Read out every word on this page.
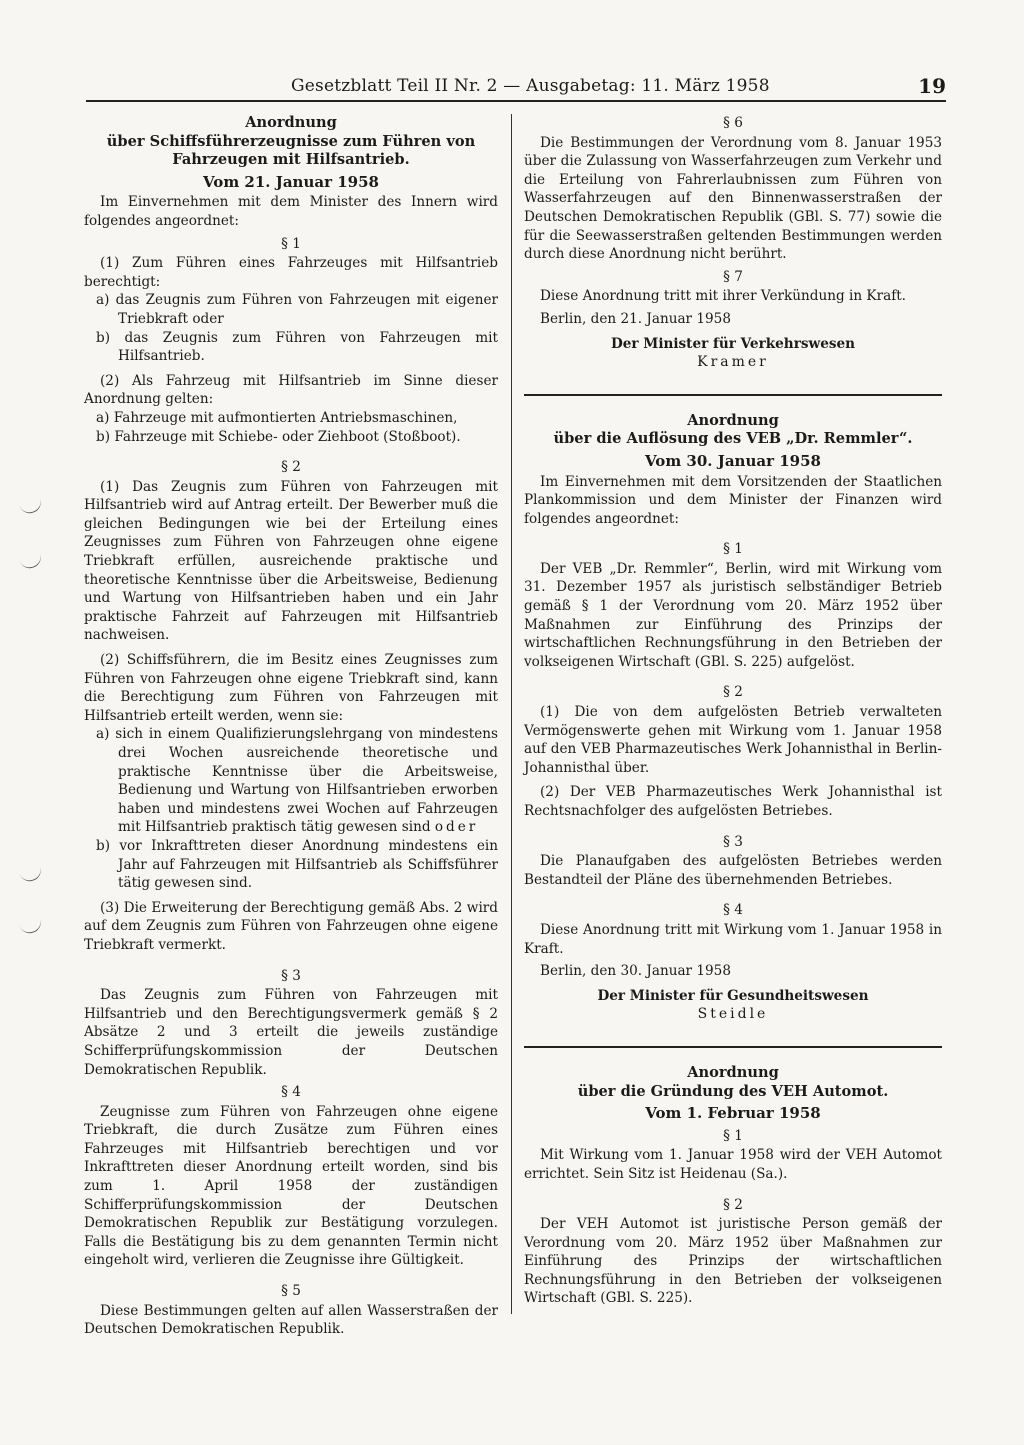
Gesetzblatt Teil II Nr. 2 — Ausgabetag: 11. März 1958	19
Anordnung
über Schiffsführerzeugnisse zum Führen von
Fahrzeugen mit Hilfsantrieb.
Vom 21. Januar 1958

Im Einvernehmen mit dem Minister des Innern wird folgendes angeordnet:

§ 1

(1) Zum Führen eines Fahrzeuges mit Hilfsantrieb berechtigt:

a) das Zeugnis zum Führen von Fahrzeugen mit eigener Triebkraft oder

b) das Zeugnis zum Führen von Fahrzeugen mit Hilfsantrieb.

(2) Als Fahrzeug mit Hilfsantrieb im Sinne dieser Anordnung gelten:

a) Fahrzeuge mit aufmontierten Antriebsmaschinen,

b) Fahrzeuge mit Schiebe- oder Ziehboot (Stoßboot).

§ 2

(1) Das Zeugnis zum Führen von Fahrzeugen mit Hilfsantrieb wird auf Antrag erteilt. Der Bewerber muß die gleichen Bedingungen wie bei der Erteilung eines Zeugnisses zum Führen von Fahrzeugen ohne eigene Triebkraft erfüllen, ausreichende praktische und theoretische Kenntnisse über die Arbeitsweise, Bedienung und Wartung von Hilfsantrieben haben und ein Jahr praktische Fahrzeit auf Fahrzeugen mit Hilfsantrieb nachweisen.

(2) Schiffsführern, die im Besitz eines Zeugnisses zum Führen von Fahrzeugen ohne eigene Triebkraft sind, kann die Berechtigung zum Führen von Fahrzeugen mit Hilfsantrieb erteilt werden, wenn sie:

a) sich in einem Qualifizierungslehrgang von mindestens drei Wochen ausreichende theoretische und praktische Kenntnisse über die Arbeitsweise, Bedienung und Wartung von Hilfsantrieben erworben haben und mindestens zwei Wochen auf Fahrzeugen mit Hilfsantrieb praktisch tätig gewesen sind oder

b) vor Inkrafttreten dieser Anordnung mindestens ein Jahr auf Fahrzeugen mit Hilfsantrieb als Schiffsführer tätig gewesen sind.

(3) Die Erweiterung der Berechtigung gemäß Abs. 2 wird auf dem Zeugnis zum Führen von Fahrzeugen ohne eigene Triebkraft vermerkt.

§ 3

Das Zeugnis zum Führen von Fahrzeugen mit Hilfsantrieb und den Berechtigungsvermerk gemäß § 2 Absätze 2 und 3 erteilt die jeweils zuständige Schifferprüfungskommission der Deutschen Demokratischen Republik.

§ 4

Zeugnisse zum Führen von Fahrzeugen ohne eigene Triebkraft, die durch Zusätze zum Führen eines Fahrzeuges mit Hilfsantrieb berechtigen und vor Inkrafttreten dieser Anordnung erteilt worden, sind bis zum 1. April 1958 der zuständigen Schifferprüfungskommission der Deutschen Demokratischen Republik zur Bestätigung vorzulegen. Falls die Bestätigung bis zu dem genannten Termin nicht eingeholt wird, verlieren die Zeugnisse ihre Gültigkeit.

§ 5

Diese Bestimmungen gelten auf allen Wasserstraßen der Deutschen Demokratischen Republik.

§ 6

Die Bestimmungen der Verordnung vom 8. Januar 1953 über die Zulassung von Wasserfahrzeugen zum Verkehr und die Erteilung von Fahrerlaubnissen zum Führen von Wasserfahrzeugen auf den Binnenwasserstraßen der Deutschen Demokratischen Republik (GBl. S. 77) sowie die für die Seewasserstraßen geltenden Bestimmungen werden durch diese Anordnung nicht berührt.

§ 7

Diese Anordnung tritt mit ihrer Verkündung in Kraft.

Berlin, den 21. Januar 1958

Der Minister für Verkehrswesen
Kramer
Anordnung
über die Auflösung des VEB „Dr. Remmler“.
Vom 30. Januar 1958

Im Einvernehmen mit dem Vorsitzenden der Staatlichen Plankommission und dem Minister der Finanzen wird folgendes angeordnet:

§ 1

Der VEB „Dr. Remmler“, Berlin, wird mit Wirkung vom 31. Dezember 1957 als juristisch selbständiger Betrieb gemäß § 1 der Verordnung vom 20. März 1952 über Maßnahmen zur Einführung des Prinzips der wirtschaftlichen Rechnungsführung in den Betrieben der volkseigenen Wirtschaft (GBl. S. 225) aufgelöst.

§ 2

(1) Die von dem aufgelösten Betrieb verwalteten Vermögenswerte gehen mit Wirkung vom 1. Januar 1958 auf den VEB Pharmazeutisches Werk Johannisthal in Berlin-Johannisthal über.

(2) Der VEB Pharmazeutisches Werk Johannisthal ist Rechtsnachfolger des aufgelösten Betriebes.

§ 3

Die Planaufgaben des aufgelösten Betriebes werden Bestandteil der Pläne des übernehmenden Betriebes.

§ 4

Diese Anordnung tritt mit Wirkung vom 1. Januar 1958 in Kraft.

Berlin, den 30. Januar 1958

Der Minister für Gesundheitswesen
Steidle
Anordnung
über die Gründung des VEH Automot.
Vom 1. Februar 1958
§ 1

Mit Wirkung vom 1. Januar 1958 wird der VEH Automot errichtet. Sein Sitz ist Heidenau (Sa.).

§ 2

Der VEH Automot ist juristische Person gemäß der Verordnung vom 20. März 1952 über Maßnahmen zur Einführung des Prinzips der wirtschaftlichen Rechnungsführung in den Betrieben der volkseigenen Wirtschaft (GBl. S. 225).
